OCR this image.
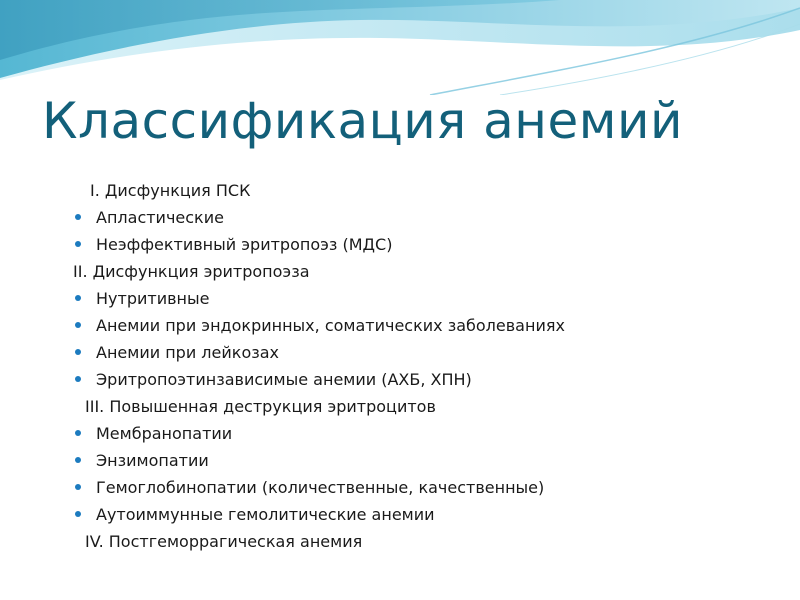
Классификация анемий
I. Дисфункция ПСК
Апластические
Неэффективный эритропоэз (МДС)
II. Дисфункция эритропоэза
Нутритивные
Анемии при эндокринных, соматических заболеваниях
Анемии при лейкозах
Эритропоэтинзависимые анемии (АХБ, ХПН)
III. Повышенная деструкция эритроцитов
Мембранопатии
Энзимопатии
Гемоглобинопатии (количественные, качественные)
Аутоиммунные гемолитические анемии
IV. Постгеморрагическая анемия
